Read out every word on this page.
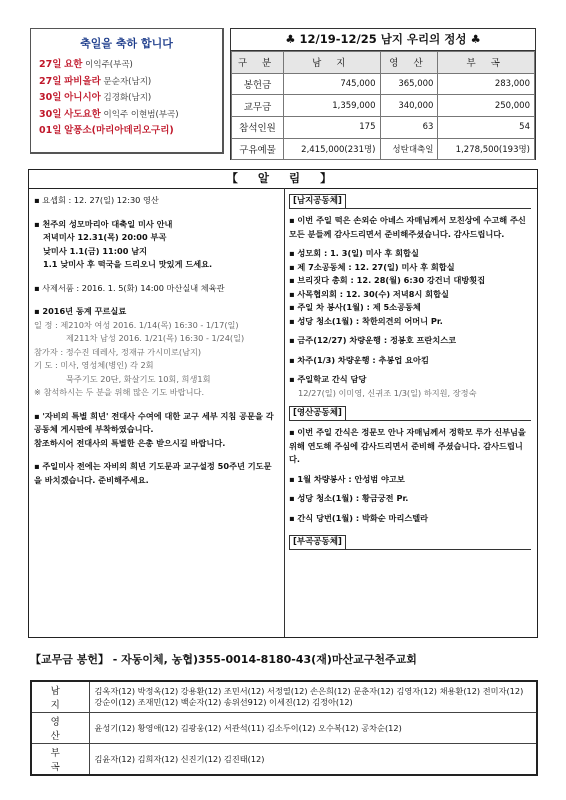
축일을 축하 합니다
27일 요한 이익주(부곡)
27일 파비올라 문순자(남지)
30일 아니시아 김경화(남지)
30일 사도요한 이익주 이현범(부곡)
01일 알퐁소(마리아데리오구리)
♣ 12/19-12/25 남지 우리의 정성 ♣
구 분	남 지	영 산	부 곡
봉헌금	745,000	365,000	283,000
교무금	1,359,000	340,000	250,000
참석인원	175	63	54
구유예물	2,415,000(231명)	성탄대축일	1,278,500(193명)
【 알 림 】
▪ 요셉회 : 12. 27(일) 12:30 영산
▪ 천주의 성모마리아 대축일 미사 안내
저녁미사 12.31(목) 20:00 부곡
낮미사 1.1(금) 11:00 남지
1.1 낮미사 후 떡국을 드리오니 맛있게 드세요.
▪ 사제서품 : 2016. 1. 5(화) 14:00 마산실내 체육관
▪ 2016년 동계 꾸르실료
일 정 : 제210차 여성 2016. 1/14(목) 16:30 - 1/17(일)
제211차 남성 2016. 1/21(목) 16:30 - 1/24(일)
참가자 : 정수진 데레사, 정재규 가시미로(남지)
기 도 : 미사, 영성체(병인) 각 2회
묵주기도 20단, 화살기도 10회, 희생1회
※ 참석하시는 두 분을 위해 많은 기도 바랍니다.
▪ '자비의 특별 희년' 전대사 수여에 대한 교구 세부 지침 공문을 각 공동체 게시판에 부착하였습니다.
참조하시어 전대사의 특별한 은총 받으시길 바랍니다.
▪ 주일미사 전에는 자비의 희년 기도문과 교구설정 50주년 기도문을 바치겠습니다. 준비해주세요.
[남지공동체]
▪ 이번 주일 떡은 손외순 아녜스 자매님께서 모친상에 수고해 주신 모든 분들께 감사드리면서 준비해주셨습니다. 감사드립니다.
▪ 성모회 : 1. 3(일) 미사 후 회합실
▪ 제 7소공동체 : 12. 27(일) 미사 후 회합실
▪ 브리짓다 총회 : 12. 28(월) 6:30 강건너 대방횟집
▪ 사목협의회 : 12. 30(수) 저녁8시 회합실
▪ 주일 차 봉사(1월) : 제 5소공동체
▪ 성당 청소(1월) : 착한의견의 어머니 Pr.
▪ 금주(12/27) 차량운행 : 정봉호 프란치스코
▪ 차주(1/3) 차량운행 : 추봉업 요아킴
▪ 주일학교 간식 담당
12/27(일) 이미영, 신귀조 1/3(일) 하지원, 장정숙
[영산공동체]
▪ 이번 주일 간식은 정문모 안나 자매님께서 정학모 루가 신부님을 위해 연도해 주심에 감사드리면서 준비해 주셨습니다. 감사드립니다.
▪ 1월 차량봉사 : 안성범 야고보
▪ 성당 청소(1월) : 황금궁전 Pr.
▪ 간식 당번(1월) : 박화순 마리스텔라
[부곡공동체]
【교무금 봉헌】 - 자동이체, 농협)355-0014-8180-43(재)마산교구천주교회
남 지	김옥자(12) 박정옥(12) 강용환(12) 조민서(12) 서정열(12) 손은희(12) 문춘자(12) 김영자(12) 채용환(12) 전미자(12) 강순이(12) 조재민(12) 백순자(12) 송위선912) 이세진(12) 김정아(12)
영 산	윤성기(12) 황영애(12) 김광웅(12) 서관석(11) 김소두이(12) 오수복(12) 공차순(12)
부 곡	김윤자(12) 김희자(12) 신진기(12) 김진태(12)
